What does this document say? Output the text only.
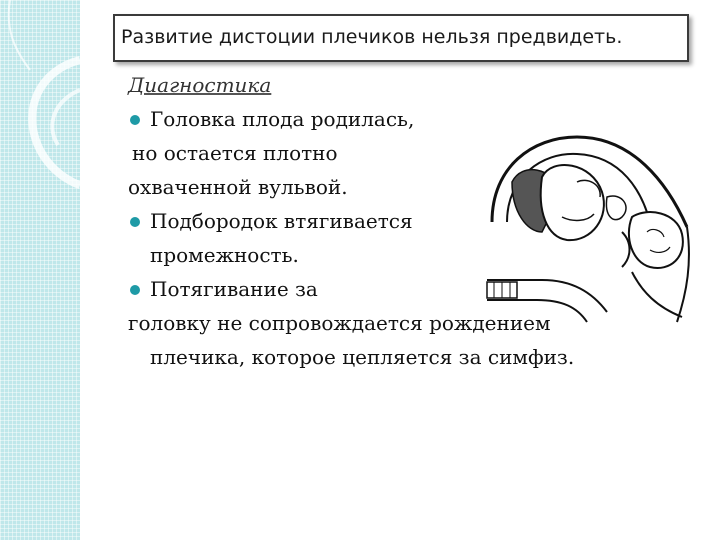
Развитие дистоции плечиков нельзя предвидеть.
Диагностика
Головка плода родилась,
но остается плотно
охваченной вульвой.
Подбородок втягивается
промежность.
Потягивание за
головку не сопровождается рождением
плечика, которое цепляется за симфиз.
